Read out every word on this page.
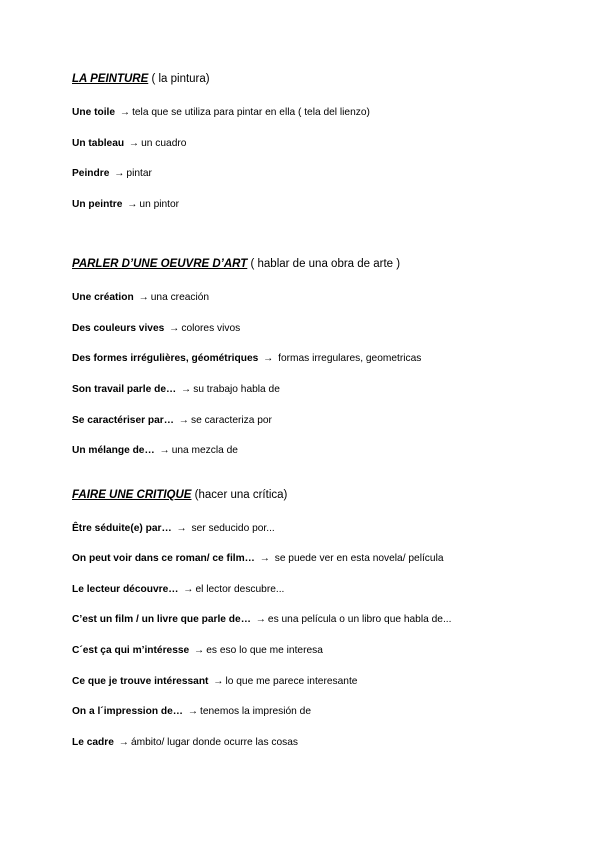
LA PEINTURE ( la pintura)
Une toile → tela que se utiliza para pintar en ella ( tela del lienzo)
Un tableau → un cuadro
Peindre → pintar
Un peintre → un pintor
PARLER D’UNE OEUVRE D’ART ( hablar de una obra de arte )
Une création → una creación
Des couleurs vives → colores vivos
Des formes irrégulières, géométriques → formas irregulares, geometricas
Son travail parle de… → su trabajo habla de
Se caractériser par… → se caracteriza por
Un mélange de… → una mezcla de
FAIRE UNE CRITIQUE (hacer una crítica)
Être séduite(e) par… → ser seducido por...
On peut voir dans ce roman/ ce film… → se puede ver en esta novela/ película
Le lecteur découvre… → el lector descubre...
C’est un film / un livre que parle de… → es una película o un libro que habla de...
C´est ça qui m’intéresse → es eso lo que me interesa
Ce que je trouve intéressant → lo que me parece interesante
On a l´impression de… → tenemos la impresión de
Le cadre → ámbito/ lugar donde ocurre las cosas
